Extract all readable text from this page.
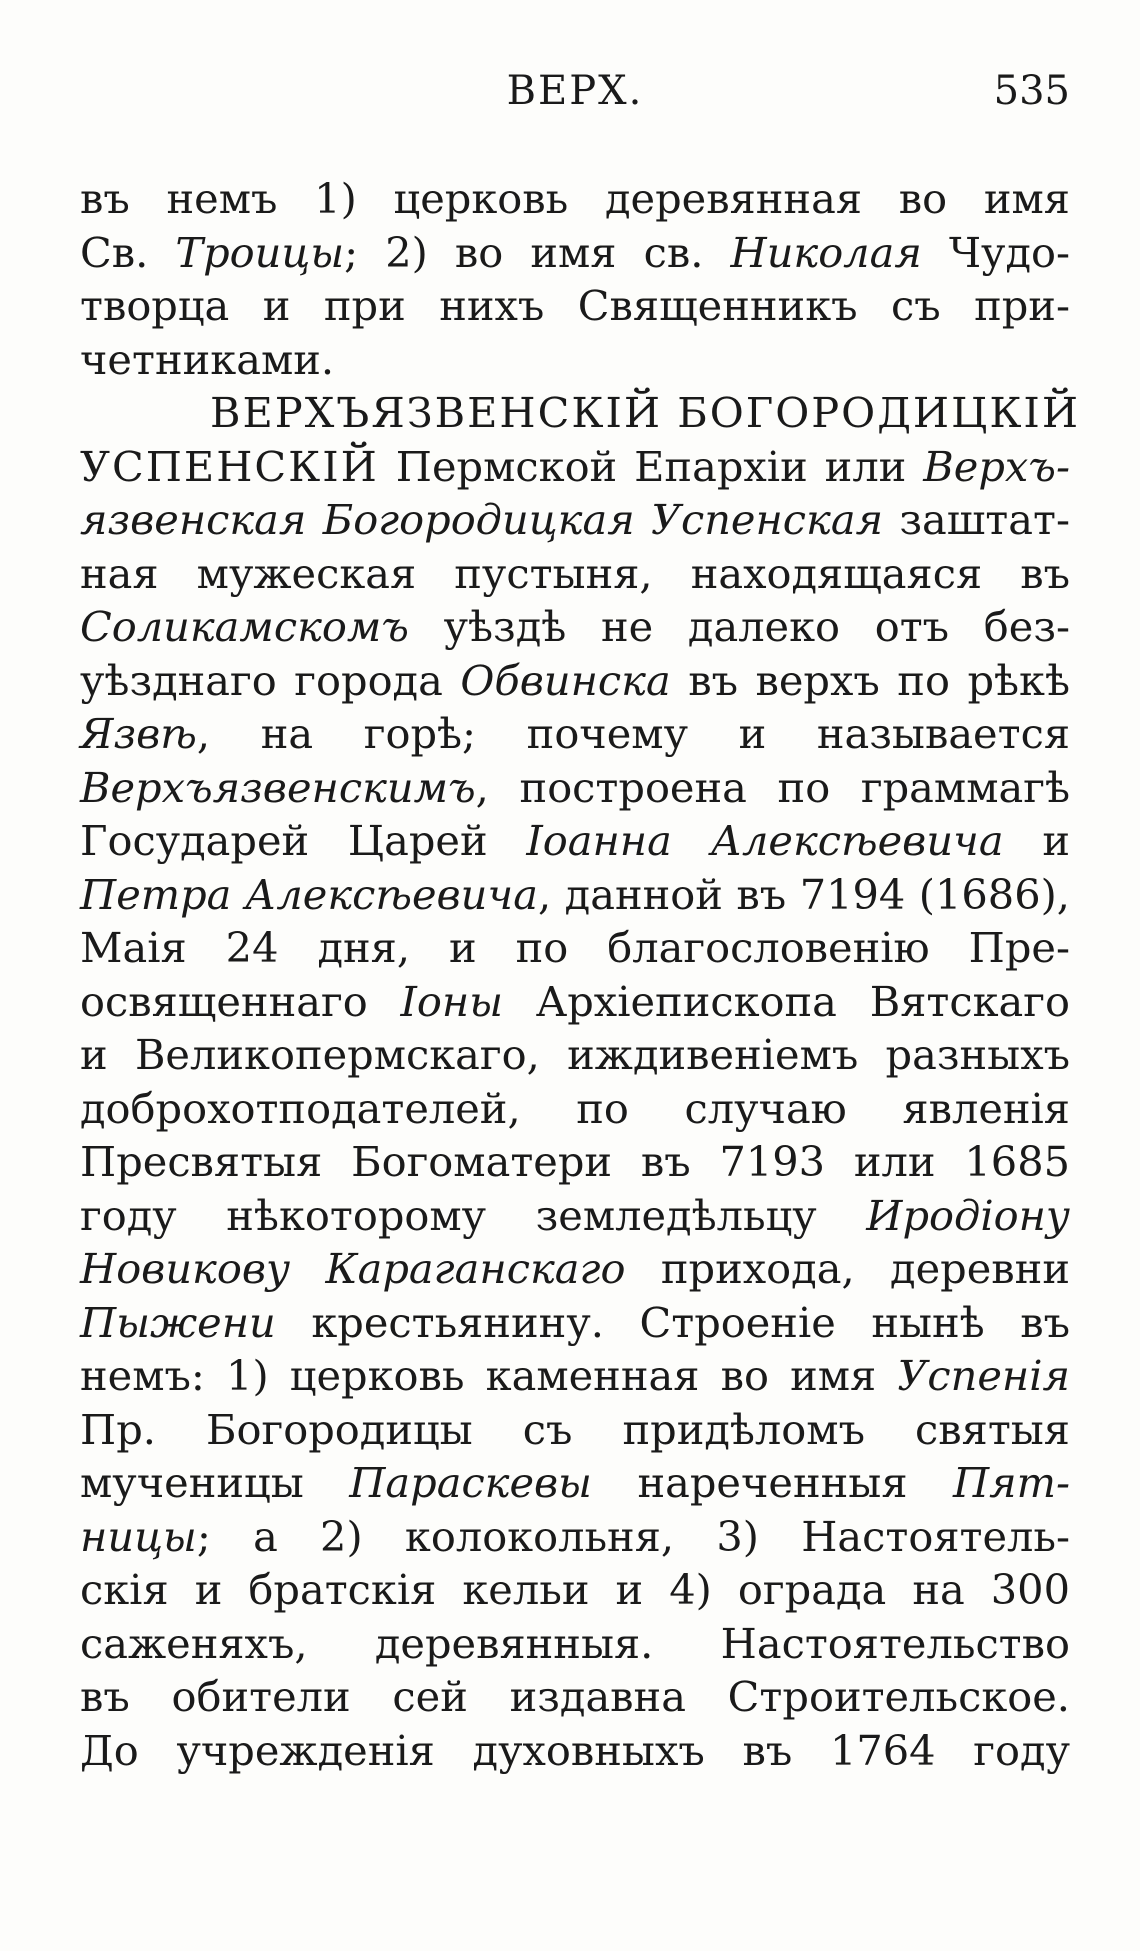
ВЕРХ.	535
въ немъ 1) церковь деревянная во имя
Св. Троицы; 2) во имя св. Николая Чудо-
творца и при нихъ Священникъ съ при-
четниками.
ВЕРХЪЯЗВЕНСКІЙ БОГОРОДИЦКІЙ
УСПЕНСКІЙ Пермской Епархіи или Верхъ-
язвенская Богородицкая Успенская заштат-
ная мужеская пустыня, находящаяся въ
Соликамскомъ уѣздѣ не далеко отъ без-
уѣзднаго города Обвинска въ верхъ по рѣкѣ
Язвѣ, на горѣ; почему и называется
Верхъязвенскимъ, построена по граммагѣ
Государей Царей Іоанна Алексѣевича и
Петра Алексѣевича, данной въ 7194 (1686),
Маія 24 дня, и по благословенію Пре-
освященнаго Іоны Архіепископа Вятскаго
и Великопермскаго, иждивеніемъ разныхъ
доброхотподателей, по случаю явленія
Пресвятыя Богоматери въ 7193 или 1685
году нѣкоторому земледѣльцу Иродіону
Новикову Караганскаго прихода, деревни
Пыжени крестьянину. Строеніе нынѣ въ
немъ: 1) церковь каменная во имя Успенія
Пр. Богородицы съ придѣломъ святыя
мученицы Параскевы нареченныя Пят-
ницы; а 2) колокольня, 3) Настоятель-
скія и братскія кельи и 4) ограда на 300
саженяхъ, деревянныя. Настоятельство
въ обители сей издавна Строительское.
До учрежденія духовныхъ въ 1764 году
